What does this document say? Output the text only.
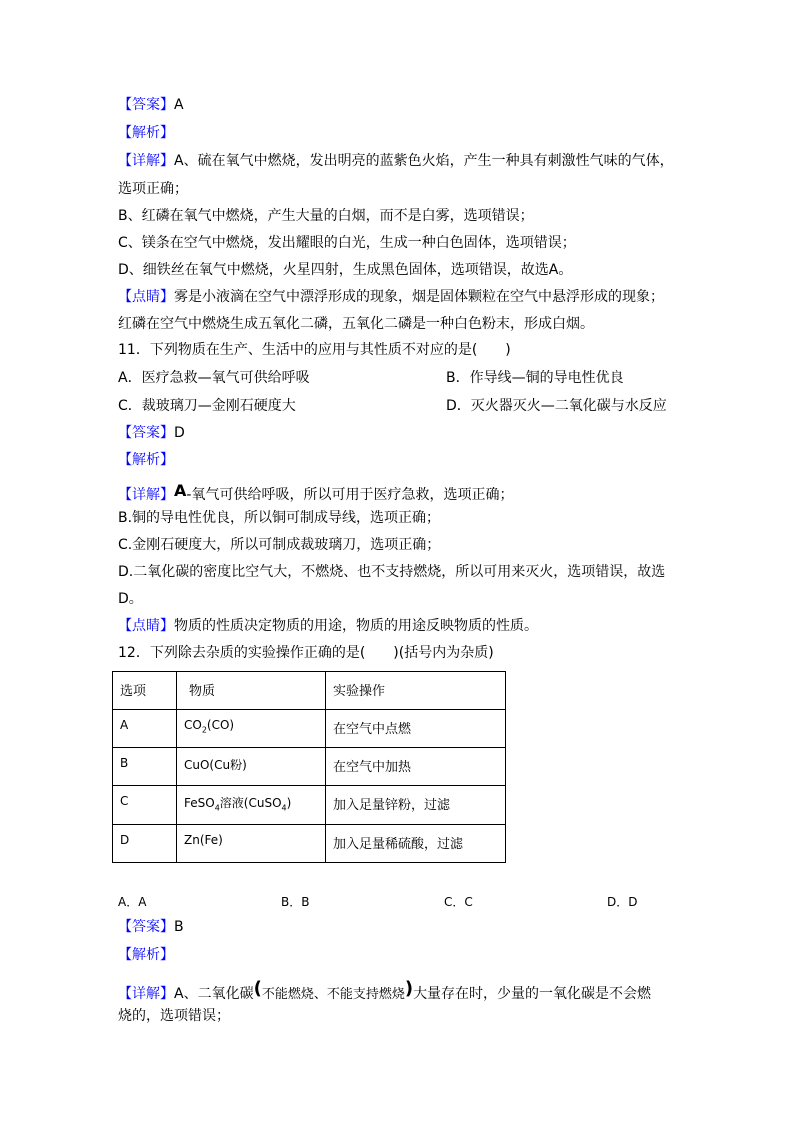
【答案】A
【解析】
【详解】A、硫在氧气中燃烧，发出明亮的蓝紫色火焰，产生一种具有刺激性气味的气体，
选项正确；
B、红磷在氧气中燃烧，产生大量的白烟，而不是白雾，选项错误；
C、镁条在空气中燃烧，发出耀眼的白光，生成一种白色固体，选项错误；
D、细铁丝在氧气中燃烧，火星四射，生成黑色固体，选项错误，故选A。
【点睛】雾是小液滴在空气中漂浮形成的现象，烟是固体颗粒在空气中悬浮形成的现象；
红磷在空气中燃烧生成五氧化二磷，五氧化二磷是一种白色粉末，形成白烟。
11．下列物质在生产、生活中的应用与其性质不对应的是(　　)
A．医疗急救—氧气可供给呼吸	B．作导线—铜的导电性优良
C．裁玻璃刀—金刚石硬度大	D．灭火器灭火—二氧化碳与水反应
【答案】D
【解析】
【详解】A-氧气可供给呼吸，所以可用于医疗急救，选项正确；
B.铜的导电性优良，所以铜可制成导线，选项正确；
C.金刚石硬度大，所以可制成裁玻璃刀，选项正确；
D.二氧化碳的密度比空气大，不燃烧、也不支持燃烧，所以可用来灭火，选项错误，故选
D。
【点睛】物质的性质决定物质的用途，物质的用途反映物质的性质。
12．下列除去杂质的实验操作正确的是(　　)(括号内为杂质)
选项	物质	实验操作

A	$CO_2(CO)$	在空气中点燃

B	CuO(Cu粉)	在空气中加热

C	FeSO$_4$溶液(CuSO$_4$)	加入足量锌粉，过滤

D	Zn(Fe)	加入足量稀硫酸，过滤
A．A	B．B	C．C	D．D
【答案】B
【解析】
【详解】A、二氧化碳(不能燃烧、不能支持燃烧)大量存在时，少量的一氧化碳是不会燃
烧的，选项错误；
